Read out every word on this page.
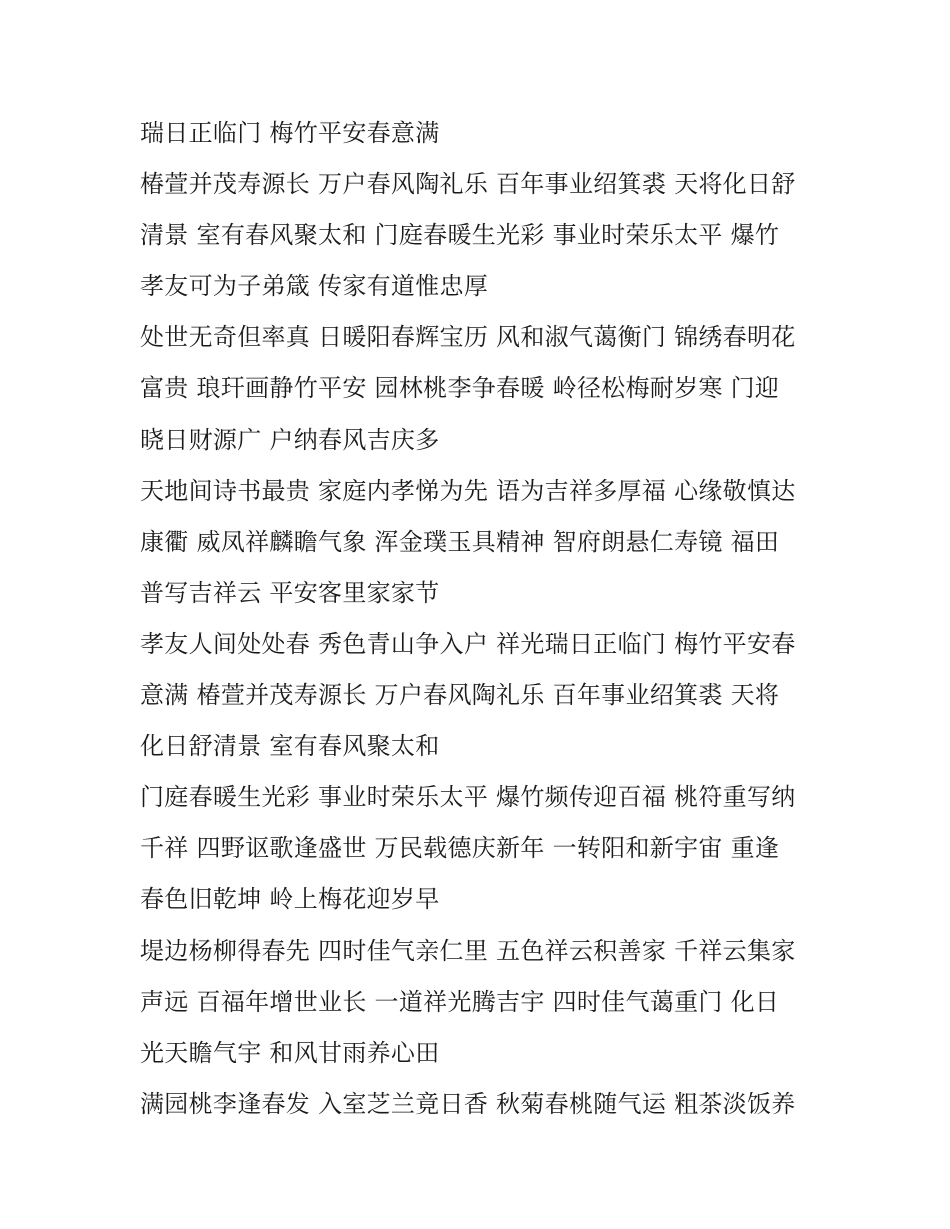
瑞日正临门 梅竹平安春意满
椿萱并茂寿源长 万户春风陶礼乐 百年事业绍箕裘 天将化日舒
清景 室有春风聚太和 门庭春暖生光彩 事业时荣乐太平 爆竹
孝友可为子弟箴 传家有道惟忠厚
处世无奇但率真 日暖阳春辉宝历 风和淑气蔼衡门 锦绣春明花
富贵 琅玕画静竹平安 园林桃李争春暖 岭径松梅耐岁寒 门迎
晓日财源广 户纳春风吉庆多
天地间诗书最贵 家庭内孝悌为先 语为吉祥多厚福 心缘敬慎达
康衢 威凤祥麟瞻气象 浑金璞玉具精神 智府朗悬仁寿镜 福田
普写吉祥云 平安客里家家节
孝友人间处处春 秀色青山争入户 祥光瑞日正临门 梅竹平安春
意满 椿萱并茂寿源长 万户春风陶礼乐 百年事业绍箕裘 天将
化日舒清景 室有春风聚太和
门庭春暖生光彩 事业时荣乐太平 爆竹频传迎百福 桃符重写纳
千祥 四野讴歌逢盛世 万民载德庆新年 一转阳和新宇宙 重逢
春色旧乾坤 岭上梅花迎岁早
堤边杨柳得春先 四时佳气亲仁里 五色祥云积善家 千祥云集家
声远 百福年增世业长 一道祥光腾吉宇 四时佳气蔼重门 化日
光天瞻气宇 和风甘雨养心田
满园桃李逢春发 入室芝兰竟日香 秋菊春桃随气运 粗茶淡饭养
